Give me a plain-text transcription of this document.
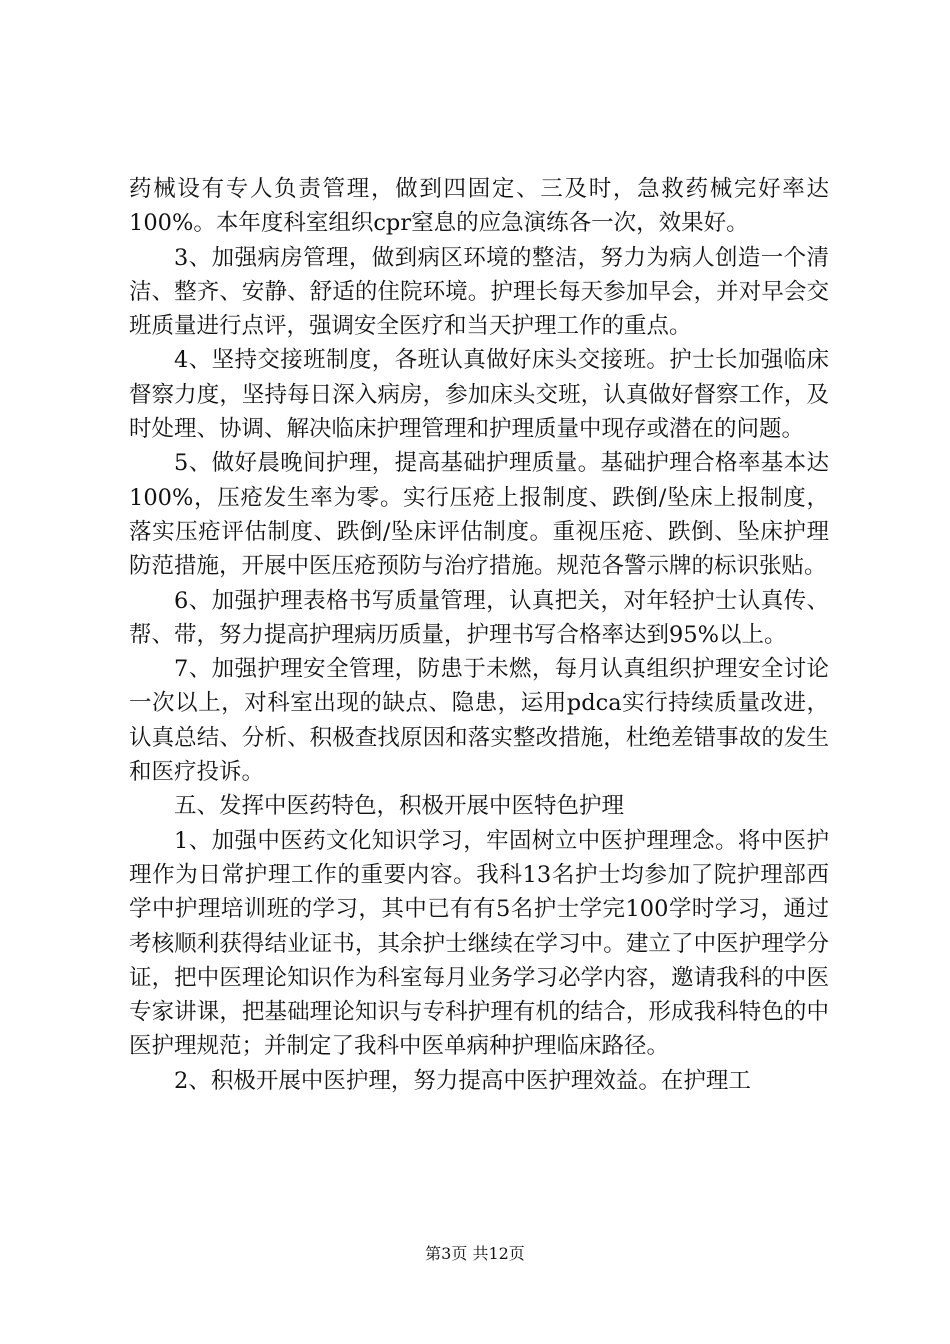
药械设有专人负责管理，做到四固定、三及时，急救药械完好率达100%。本年度科室组织cpr窒息的应急演练各一次，效果好。

3、加强病房管理，做到病区环境的整洁，努力为病人创造一个清洁、整齐、安静、舒适的住院环境。护理长每天参加早会，并对早会交班质量进行点评，强调安全医疗和当天护理工作的重点。

4、坚持交接班制度，各班认真做好床头交接班。护士长加强临床督察力度，坚持每日深入病房，参加床头交班，认真做好督察工作，及时处理、协调、解决临床护理管理和护理质量中现存或潜在的问题。

5、做好晨晚间护理，提高基础护理质量。基础护理合格率基本达100%，压疮发生率为零。实行压疮上报制度、跌倒/坠床上报制度，落实压疮评估制度、跌倒/坠床评估制度。重视压疮、跌倒、坠床护理防范措施，开展中医压疮预防与治疗措施。规范各警示牌的标识张贴。

6、加强护理表格书写质量管理，认真把关，对年轻护士认真传、帮、带，努力提高护理病历质量，护理书写合格率达到95%以上。

7、加强护理安全管理，防患于未燃，每月认真组织护理安全讨论一次以上，对科室出现的缺点、隐患，运用pdca实行持续质量改进，认真总结、分析、积极查找原因和落实整改措施，杜绝差错事故的发生和医疗投诉。

五、发挥中医药特色，积极开展中医特色护理

1、加强中医药文化知识学习，牢固树立中医护理理念。将中医护理作为日常护理工作的重要内容。我科13名护士均参加了院护理部西学中护理培训班的学习，其中已有有5名护士学完100学时学习，通过考核顺利获得结业证书，其余护士继续在学习中。建立了中医护理学分证，把中医理论知识作为科室每月业务学习必学内容，邀请我科的中医专家讲课，把基础理论知识与专科护理有机的结合，形成我科特色的中医护理规范；并制定了我科中医单病种护理临床路径。

2、积极开展中医护理，努力提高中医护理效益。在护理工

第3页 共12页
